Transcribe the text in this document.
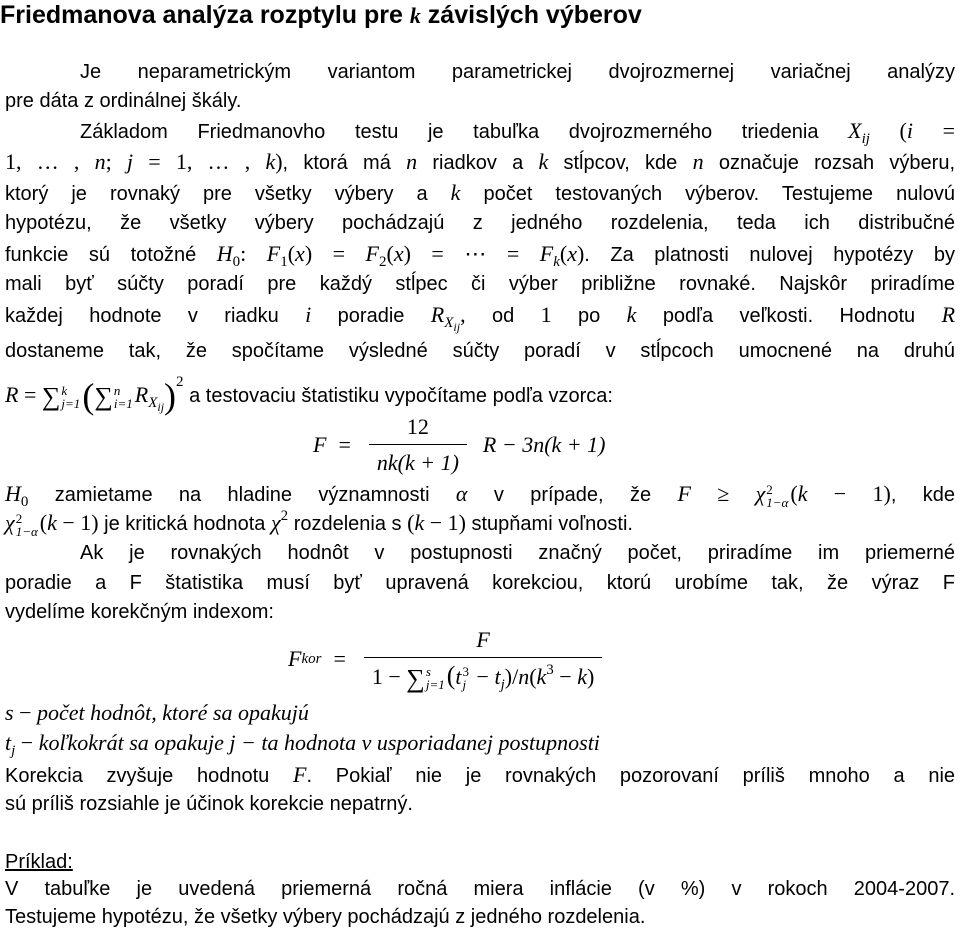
Friedmanova analýza rozptylu pre k závislých výberov
Je neparametrickým variantom parametrickej dvojrozmernej variačnej analýzy
pre dáta z ordinálnej škály.
Základom Friedmanovho testu je tabuľka dvojrozmerného triedenia $X_{ij}$ (i =
1, … , n; j = 1, … , k), ktorá má n riadkov a k stĺpcov, kde n označuje rozsah výberu,
ktorý je rovnaký pre všetky výbery a k počet testovaných výberov. Testujeme nulovú
hypotézu, že všetky výbery pochádzajú z jedného rozdelenia, teda ich distribučné
funkcie sú totožné $H_0$: $F_1(x) = F_2(x)$ = ⋯ = $F_k(x)$. Za platnosti nulovej hypotézy by
mali byť súčty poradí pre každý stĺpec či výber približne rovnaké. Najskôr priradíme
každej hodnote v riadku i poradie $R_{X_{ij}}$, od 1 po k podľa veľkosti. Hodnotu R
dostaneme tak, že spočítame výsledné súčty poradí v stĺpcoch umocnené na druhú
R = ∑ k
j=1 (∑ n
i=1 $R_{X_{ij}})^2$ a testovaciu štatistiku vypočítame podľa vzorca:
$F = \frac{12}{nk(k + 1)}$ R − 3n(k + 1)
$H_0$ zamietame na hladine významnosti α v prípade, že F ≥ χ 2
1−α (k − 1), kde
χ 2
1−α (k − 1) je kritická hodnota $\chi^2$ rozdelenia s (k − 1) stupňami voľnosti.
Ak je rovnakých hodnôt v postupnosti značný počet, priradíme im priemerné
poradie a F štatistika musí byť upravená korekciou, ktorú urobíme tak, že výraz F
vydelíme korekčným indexom:
F kor = F
1 − ∑ s
j=1 (t 3
$j - t_j)/n(k^3 - k)$
s − počet hodnôt, ktoré sa opakujú
$t_j$ − koľkokrát sa opakuje j − ta hodnota v usporiadanej postupnosti
Korekcia zvyšuje hodnotu F. Pokiaľ nie je rovnakých pozorovaní príliš mnoho a nie
sú príliš rozsiahle je účinok korekcie nepatrný.
Príklad:
V tabuľke je uvedená priemerná ročná miera inflácie (v %) v rokoch 2004-2007.
Testujeme hypotézu, že všetky výbery pochádzajú z jedného rozdelenia.
